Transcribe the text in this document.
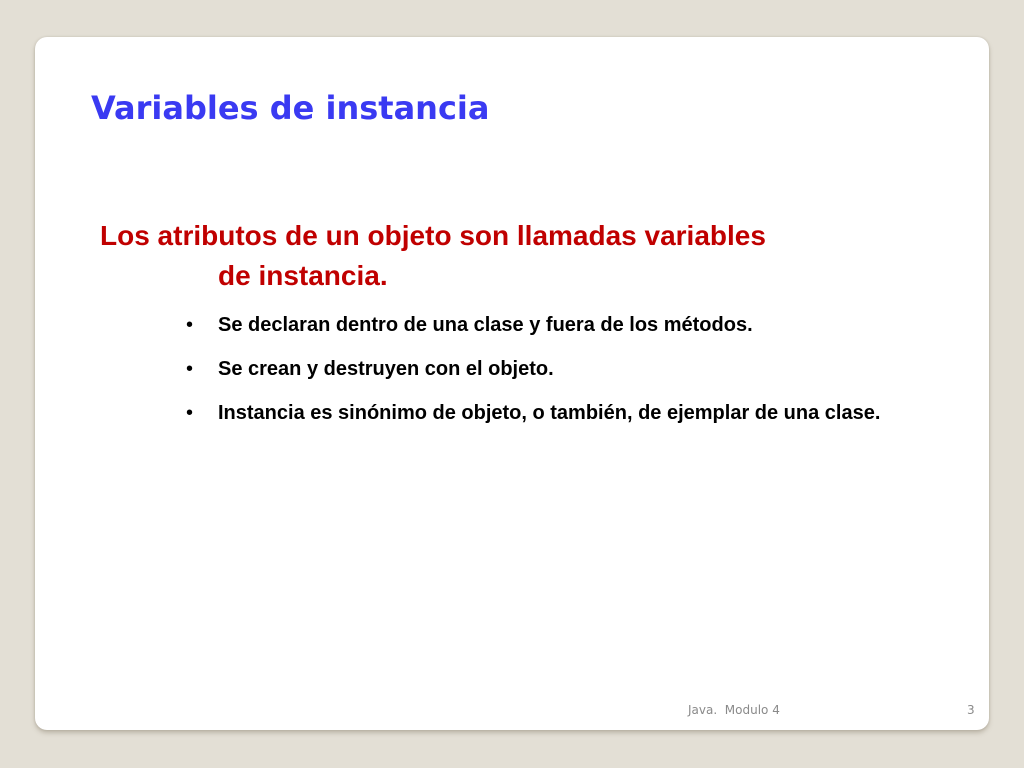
Variables de instancia

Los atributos de un objeto son llamadas variables
de instancia.

• Se declaran dentro de una clase y fuera de los métodos.
• Se crean y destruyen con el objeto.
• Instancia es sinónimo de objeto, o también, de ejemplar de una clase.
Java.  Modulo 4	3
